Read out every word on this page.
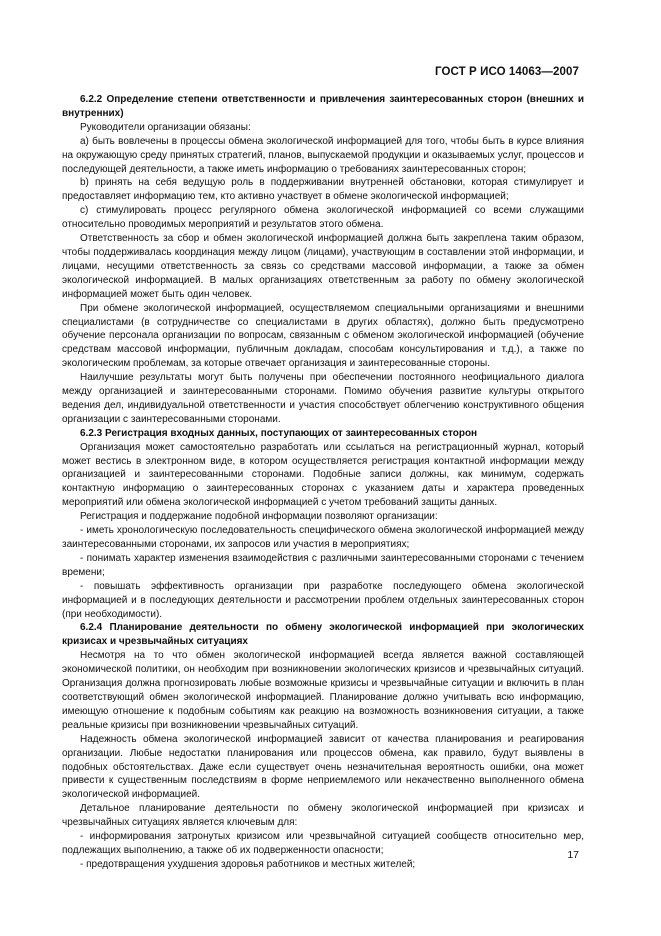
ГОСТ Р ИСО 14063—2007

6.2.2 Определение степени ответственности и привлечения заинтересованных сторон (внешних и внутренних)

Руководители организации обязаны:

а) быть вовлечены в процессы обмена экологической информацией для того, чтобы быть в курсе влияния на окружающую среду принятых стратегий, планов, выпускаемой продукции и оказываемых услуг, процессов и последующей деятельности, а также иметь информацию о требованиях заинтересованных сторон;

b) принять на себя ведущую роль в поддерживании внутренней обстановки, которая стимулирует и предоставляет информацию тем, кто активно участвует в обмене экологической информацией;

c) стимулировать процесс регулярного обмена экологической информацией со всеми служащими относительно проводимых мероприятий и результатов этого обмена.

Ответственность за сбор и обмен экологической информацией должна быть закреплена таким образом, чтобы поддерживалась координация между лицом (лицами), участвующим в составлении этой информации, и лицами, несущими ответственность за связь со средствами массовой информации, а также за обмен экологической информацией. В малых организациях ответственным за работу по обмену экологической информацией может быть один человек.

При обмене экологической информацией, осуществляемом специальными организациями и внешними специалистами (в сотрудничестве со специалистами в других областях), должно быть предусмотрено обучение персонала организации по вопросам, связанным с обменом экологической информацией (обучение средствам массовой информации, публичным докладам, способам консультирования и т.д.), а также по экологическим проблемам, за которые отвечает организация и заинтересованные стороны.

Наилучшие результаты могут быть получены при обеспечении постоянного неофициального диалога между организацией и заинтересованными сторонами. Помимо обучения развитие культуры открытого ведения дел, индивидуальной ответственности и участия способствует облегчению конструктивного общения организации с заинтересованными сторонами.

6.2.3 Регистрация входных данных, поступающих от заинтересованных сторон

Организация может самостоятельно разработать или ссылаться на регистрационный журнал, который может вестись в электронном виде, в котором осуществляется регистрация контактной информации между организацией и заинтересованными сторонами. Подобные записи должны, как минимум, содержать контактную информацию о заинтересованных сторонах с указанием даты и характера проведенных мероприятий или обмена экологической информацией с учетом требований защиты данных.

Регистрация и поддержание подобной информации позволяют организации:

- иметь хронологическую последовательность специфического обмена экологической информацией между заинтересованными сторонами, их запросов или участия в мероприятиях;

- понимать характер изменения взаимодействия с различными заинтересованными сторонами с течением времени;

- повышать эффективность организации при разработке последующего обмена экологической информацией и в последующих деятельности и рассмотрении проблем отдельных заинтересованных сторон (при необходимости).

6.2.4 Планирование деятельности по обмену экологической информацией при экологических кризисах и чрезвычайных ситуациях

Несмотря на то что обмен экологической информацией всегда является важной составляющей экономической политики, он необходим при возникновении экологических кризисов и чрезвычайных ситуаций. Организация должна прогнозировать любые возможные кризисы и чрезвычайные ситуации и включить в план соответствующий обмен экологической информацией. Планирование должно учитывать всю информацию, имеющую отношение к подобным событиям как реакцию на возможность возникновения ситуации, а также реальные кризисы при возникновении чрезвычайных ситуаций.

Надежность обмена экологической информацией зависит от качества планирования и реагирования организации. Любые недостатки планирования или процессов обмена, как правило, будут выявлены в подобных обстоятельствах. Даже если существует очень незначительная вероятность ошибки, она может привести к существенным последствиям в форме неприемлемого или некачественно выполненного обмена экологической информацией.

Детальное планирование деятельности по обмену экологической информацией при кризисах и чрезвычайных ситуациях является ключевым для:

- информирования затронутых кризисом или чрезвычайной ситуацией сообществ относительно мер, подлежащих выполнению, а также об их подверженности опасности;

- предотвращения ухудшения здоровья работников и местных жителей;

17
